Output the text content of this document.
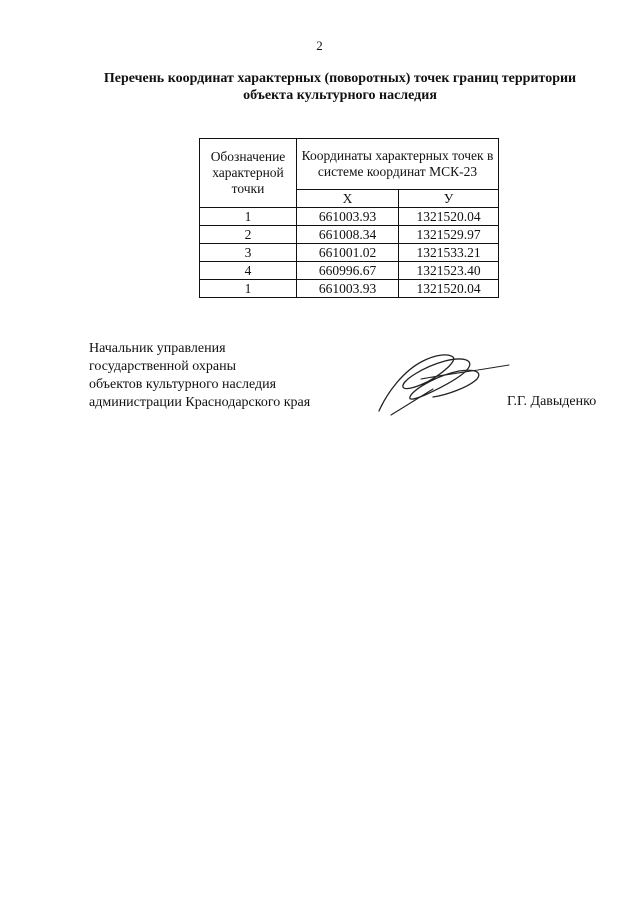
2
Перечень координат характерных (поворотных) точек границ территории
объекта культурного наследия
Обозначение характерной точки	Координаты характерных точек в системе координат МСК-23	
	Х	У
1	661003.93	1321520.04
2	661008.34	1321529.97
3	661001.02	1321533.21
4	660996.67	1321523.40
1	661003.93	1321520.04
Начальник управления
государственной охраны
объектов культурного наследия
администрации Краснодарского края	Г.Г. Давыденко
